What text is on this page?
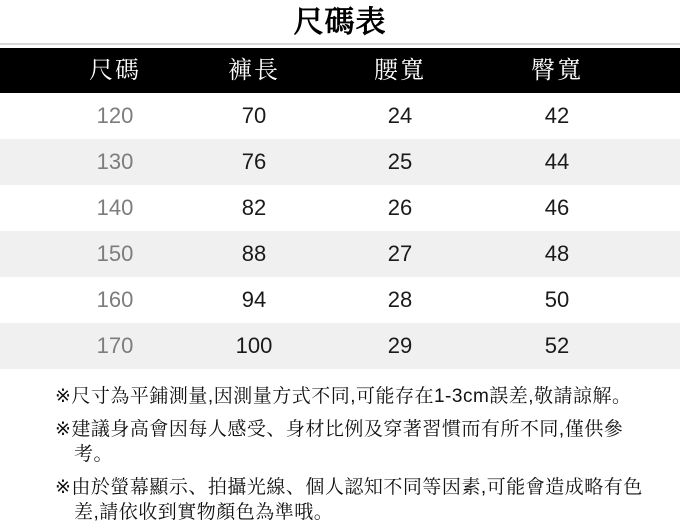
尺碼表
尺碼	褲長	腰寬	臀寬
120	70	24	42
130	76	25	44
140	82	26	46
150	88	27	48
160	94	28	50
170	100	29	52

※尺寸為平鋪測量,因測量方式不同,可能存在1-3cm誤差,敬請諒解。

※建議身高會因每人感受、身材比例及穿著習慣而有所不同,僅供參考。

※由於螢幕顯示、拍攝光線、個人認知不同等因素,可能會造成略有色差,請依收到實物顏色為準哦。
